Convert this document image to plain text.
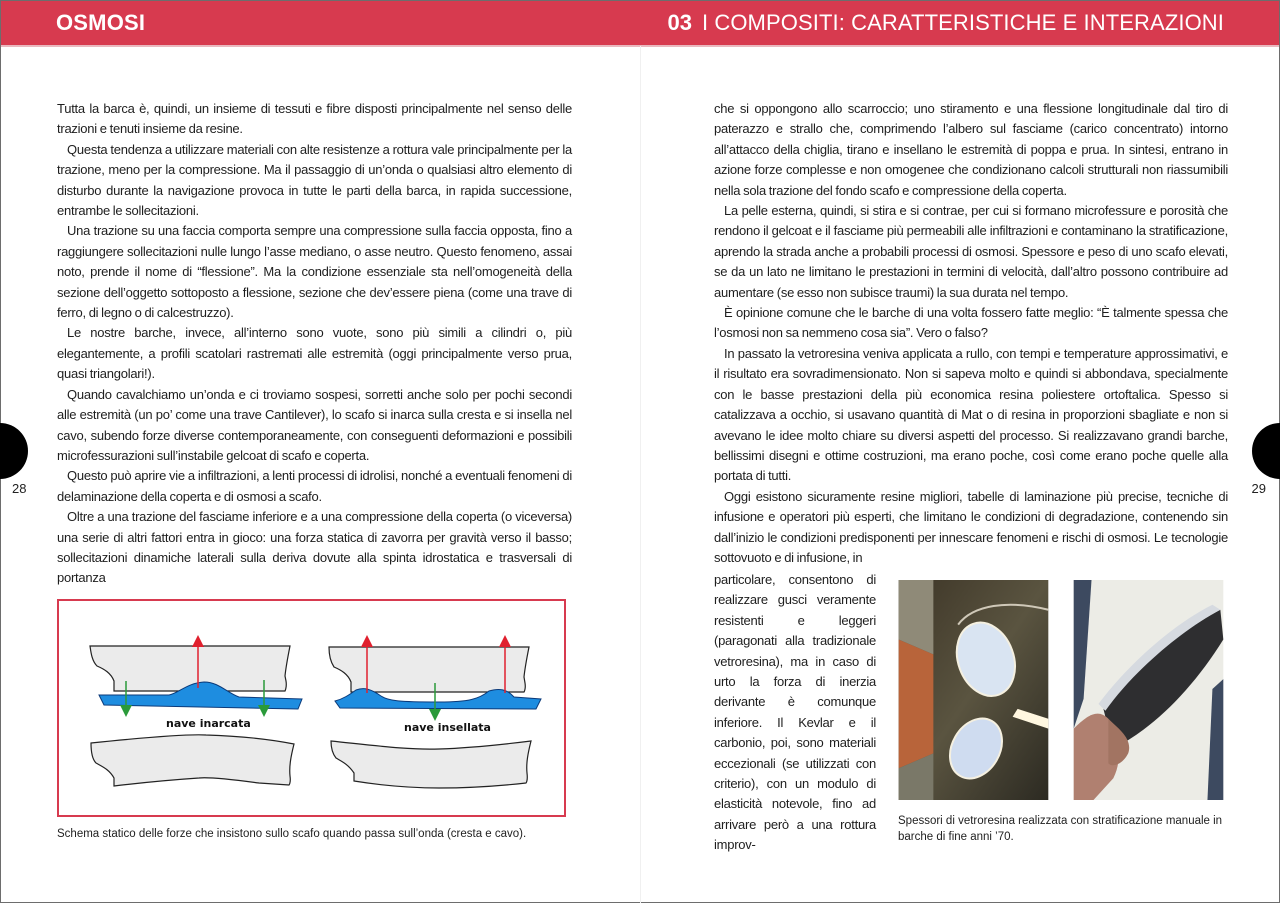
OSMOSI	03 I COMPOSITI: CARATTERISTICHE E INTERAZIONI
28	29

Tutta la barca è, quindi, un insieme di tessuti e fibre disposti principalmente nel senso delle trazioni e tenuti insieme da resine.

Questa tendenza a utilizzare materiali con alte resistenze a rottura vale principalmente per la trazione, meno per la compressione. Ma il passaggio di un’onda o qualsiasi altro elemento di disturbo durante la navigazione provoca in tutte le parti della barca, in rapida successione, entrambe le sollecitazioni.

Una trazione su una faccia comporta sempre una compressione sulla faccia opposta, fino a raggiungere sollecitazioni nulle lungo l’asse mediano, o asse neutro. Questo fenomeno, assai noto, prende il nome di “flessione”. Ma la condizione essenziale sta nell’omogeneità della sezione dell’oggetto sottoposto a flessione, sezione che dev’essere piena (come una trave di ferro, di legno o di calcestruzzo).

Le nostre barche, invece, all’interno sono vuote, sono più simili a cilindri o, più elegantemente, a profili scatolari rastremati alle estremità (oggi principalmente verso prua, quasi triangolari!).

Quando cavalchiamo un’onda e ci troviamo sospesi, sorretti anche solo per pochi secondi alle estremità (un po’ come una trave Cantilever), lo scafo si inarca sulla cresta e si insella nel cavo, subendo forze diverse contemporaneamente, con conseguenti deformazioni e possibili microfessurazioni sull’instabile gelcoat di scafo e coperta.

Questo può aprire vie a infiltrazioni, a lenti processi di idrolisi, nonché a eventuali fenomeni di delaminazione della coperta e di osmosi a scafo.

Oltre a una trazione del fasciame inferiore e a una compressione della coperta (o viceversa) una serie di altri fattori entra in gioco: una forza statica di zavorra per gravità verso il basso; sollecitazioni dinamiche laterali sulla deriva dovute alla spinta idrostatica e trasversali di portanza

nave inarcata	nave insellata
Schema statico delle forze che insistono sullo scafo quando passa sull’onda (cresta e cavo).

che si oppongono allo scarroccio; uno stiramento e una flessione longitudinale dal tiro di paterazzo e strallo che, comprimendo l’albero sul fasciame (carico concentrato) intorno all’attacco della chiglia, tirano e insellano le estremità di poppa e prua. In sintesi, entrano in azione forze complesse e non omogenee che condizionano calcoli strutturali non riassumibili nella sola trazione del fondo scafo e compressione della coperta.

La pelle esterna, quindi, si stira e si contrae, per cui si formano microfessure e porosità che rendono il gelcoat e il fasciame più permeabili alle infiltrazioni e contaminano la stratificazione, aprendo la strada anche a probabili processi di osmosi. Spessore e peso di uno scafo elevati, se da un lato ne limitano le prestazioni in termini di velocità, dall’altro possono contribuire ad aumentare (se esso non subisce traumi) la sua durata nel tempo.

È opinione comune che le barche di una volta fossero fatte meglio: “È talmente spessa che l’osmosi non sa nemmeno cosa sia”. Vero o falso?

In passato la vetroresina veniva applicata a rullo, con tempi e temperature approssimativi, e il risultato era sovradimensionato. Non si sapeva molto e quindi si abbondava, specialmente con le basse prestazioni della più economica resina poliestere ortoftalica. Spesso si catalizzava a occhio, si usavano quantità di Mat o di resina in proporzioni sbagliate e non si avevano le idee molto chiare su diversi aspetti del processo. Si realizzavano grandi barche, bellissimi disegni e ottime costruzioni, ma erano poche, così come erano poche quelle alla portata di tutti.

Oggi esistono sicuramente resine migliori, tabelle di laminazione più precise, tecniche di infusione e operatori più esperti, che limitano le condizioni di degradazione, contenendo sin dall’inizio le condizioni predisponenti per innescare fenomeni e rischi di osmosi. Le tecnologie sottovuoto e di infusione, in

particolare, consentono di realizzare gusci veramente resistenti e leggeri (paragonati alla tradizionale vetroresina), ma in caso di urto la forza di inerzia derivante è comunque inferiore. Il Kevlar e il carbonio, poi, sono materiali eccezionali (se utilizzati con criterio), con un modulo di elasticità notevole, fino ad arrivare però a una rottura improv-

Spessori di vetroresina realizzata con stratificazione manuale in barche di fine anni ’70.
